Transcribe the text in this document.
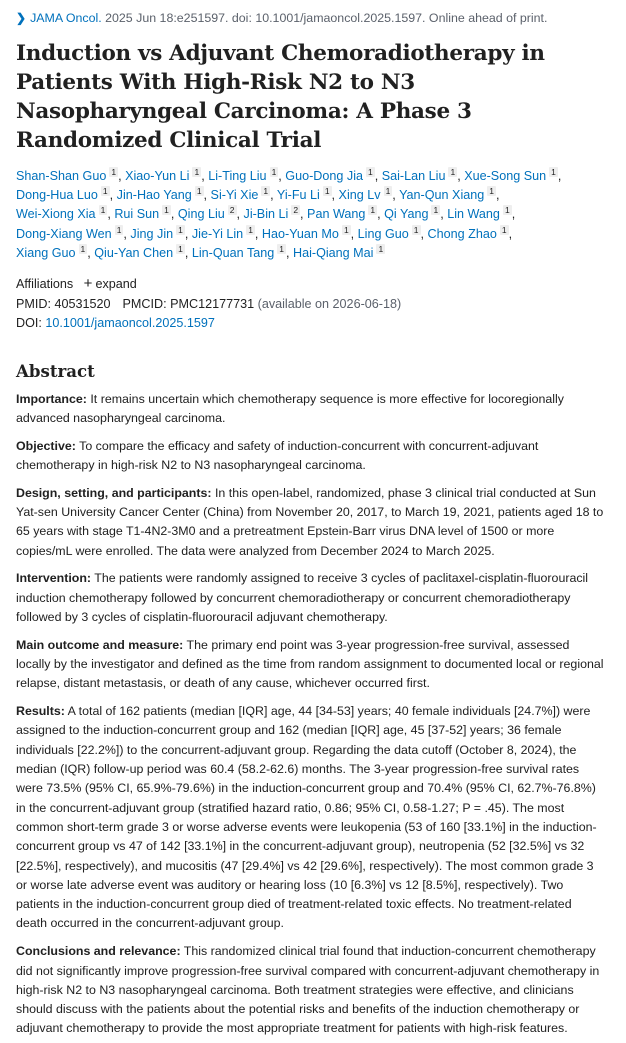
❯ JAMA Oncol. 2025 Jun 18:e251597. doi: 10.1001/jamaoncol.2025.1597. Online ahead of print.
Induction vs Adjuvant Chemoradiotherapy in Patients With High-Risk N2 to N3 Nasopharyngeal Carcinoma: A Phase 3 Randomized Clinical Trial
Shan-Shan Guo $^1$ , Xiao-Yun Li $^1$ , Li-Ting Liu $^1$ , Guo-Dong Jia $^1$ , Sai-Lan Liu $^1$ , Xue-Song Sun $^1$ ,
Dong-Hua Luo $^1$ , Jin-Hao Yang $^1$ , Si-Yi Xie $^1$ , Yi-Fu Li $^1$ , Xing Lv $^1$ , Yan-Qun Xiang $^1$ ,
Wei-Xiong Xia $^1$ , Rui Sun $^1$ , Qing Liu $^2$ , Ji-Bin Li $^2$ , Pan Wang $^1$ , Qi Yang $^1$ , Lin Wang $^1$ ,
Dong-Xiang Wen $^1$ , Jing Jin $^1$ , Jie-Yi Lin $^1$ , Hao-Yuan Mo $^1$ , Ling Guo $^1$ , Chong Zhao $^1$ ,
Xiang Guo $^1$ , Qiu-Yan Chen $^1$ , Lin-Quan Tang $^1$ , Hai-Qiang Mai $^1$
Affiliations + expand
PMID: 40531520 PMCID: PMC12177731 (available on 2026-06-18)
DOI: 10.1001/jamaoncol.2025.1597
Abstract

Importance: It remains uncertain which chemotherapy sequence is more effective for locoregionally advanced nasopharyngeal carcinoma.

Objective: To compare the efficacy and safety of induction-concurrent with concurrent-adjuvant chemotherapy in high-risk N2 to N3 nasopharyngeal carcinoma.

Design, setting, and participants: In this open-label, randomized, phase 3 clinical trial conducted at Sun Yat-sen University Cancer Center (China) from November 20, 2017, to March 19, 2021, patients aged 18 to 65 years with stage T1-4N2-3M0 and a pretreatment Epstein-Barr virus DNA level of 1500 or more copies/mL were enrolled. The data were analyzed from December 2024 to March 2025.

Intervention: The patients were randomly assigned to receive 3 cycles of paclitaxel-cisplatin-fluorouracil induction chemotherapy followed by concurrent chemoradiotherapy or concurrent chemoradiotherapy followed by 3 cycles of cisplatin-fluorouracil adjuvant chemotherapy.

Main outcome and measure: The primary end point was 3-year progression-free survival, assessed locally by the investigator and defined as the time from random assignment to documented local or regional relapse, distant metastasis, or death of any cause, whichever occurred first.

Results: A total of 162 patients (median [IQR] age, 44 [34-53] years; 40 female individuals [24.7%]) were assigned to the induction-concurrent group and 162 (median [IQR] age, 45 [37-52] years; 36 female individuals [22.2%]) to the concurrent-adjuvant group. Regarding the data cutoff (October 8, 2024), the median (IQR) follow-up period was 60.4 (58.2-62.6) months. The 3-year progression-free survival rates were 73.5% (95% CI, 65.9%-79.6%) in the induction-concurrent group and 70.4% (95% CI, 62.7%-76.8%) in the concurrent-adjuvant group (stratified hazard ratio, 0.86; 95% CI, 0.58-1.27; P = .45). The most common short-term grade 3 or worse adverse events were leukopenia (53 of 160 [33.1%] in the induction-concurrent group vs 47 of 142 [33.1%] in the concurrent-adjuvant group), neutropenia (52 [32.5%] vs 32 [22.5%], respectively), and mucositis (47 [29.4%] vs 42 [29.6%], respectively). The most common grade 3 or worse late adverse event was auditory or hearing loss (10 [6.3%] vs 12 [8.5%], respectively). Two patients in the induction-concurrent group died of treatment-related toxic effects. No treatment-related death occurred in the concurrent-adjuvant group.

Conclusions and relevance: This randomized clinical trial found that induction-concurrent chemotherapy did not significantly improve progression-free survival compared with concurrent-adjuvant chemotherapy in high-risk N2 to N3 nasopharyngeal carcinoma. Both treatment strategies were effective, and clinicians should discuss with the patients about the potential risks and benefits of the induction chemotherapy or adjuvant chemotherapy to provide the most appropriate treatment for patients with high-risk features.
